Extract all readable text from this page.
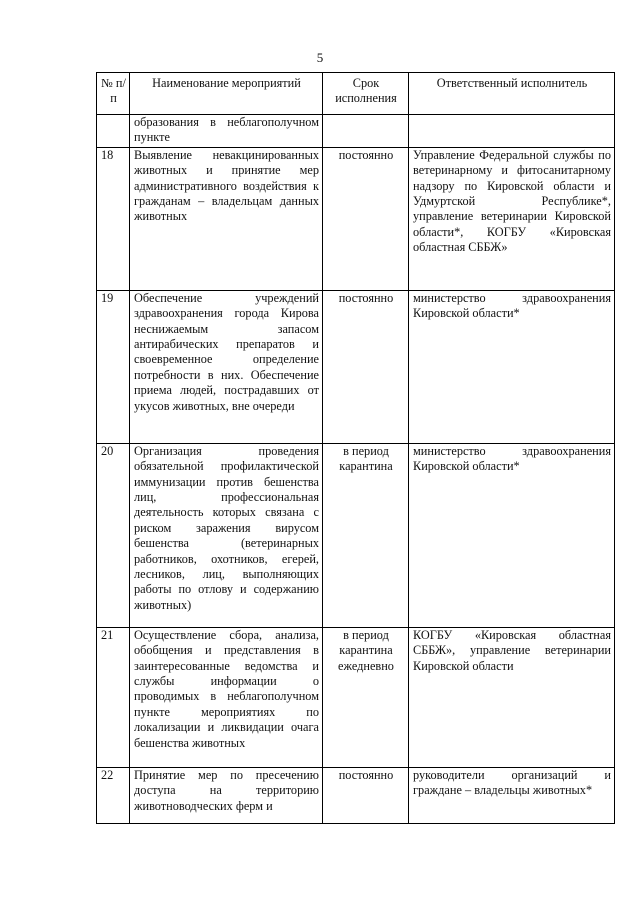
5
№ п/п	Наименование мероприятий	Срок исполнения	Ответственный исполнитель
	образования в неблагополучном пункте		
18	Выявление невакцинированных животных и принятие мер административного воздействия к гражданам – владельцам данных животных	постоянно	Управление Федеральной службы по ветеринарному и фитосанитарному надзору по Кировской области и Удмуртской Республике*, управление ветеринарии Кировской области*, КОГБУ «Кировская областная СББЖ»
19	Обеспечение учреждений здравоохранения города Кирова неснижаемым запасом антирабических препаратов и своевременное определение потребности в них. Обеспечение приема людей, пострадавших от укусов животных, вне очереди	постоянно	министерство здравоохранения Кировской области*
20	Организация проведения обязательной профилактической иммунизации против бешенства лиц, профессиональная деятельность которых связана с риском заражения вирусом бешенства (ветеринарных работников, охотников, егерей, лесников, лиц, выполняющих работы по отлову и содержанию животных)	в период карантина	министерство здравоохранения Кировской области*
21	Осуществление сбора, анализа, обобщения и представления в заинтересованные ведомства и службы информации о проводимых в неблагополучном пункте мероприятиях по локализации и ликвидации очага бешенства животных	в период карантина ежедневно	КОГБУ «Кировская областная СББЖ», управление ветеринарии Кировской области
22	Принятие мер по пресечению доступа на территорию животноводческих ферм и	постоянно	руководители организаций и граждане – владельцы животных*
